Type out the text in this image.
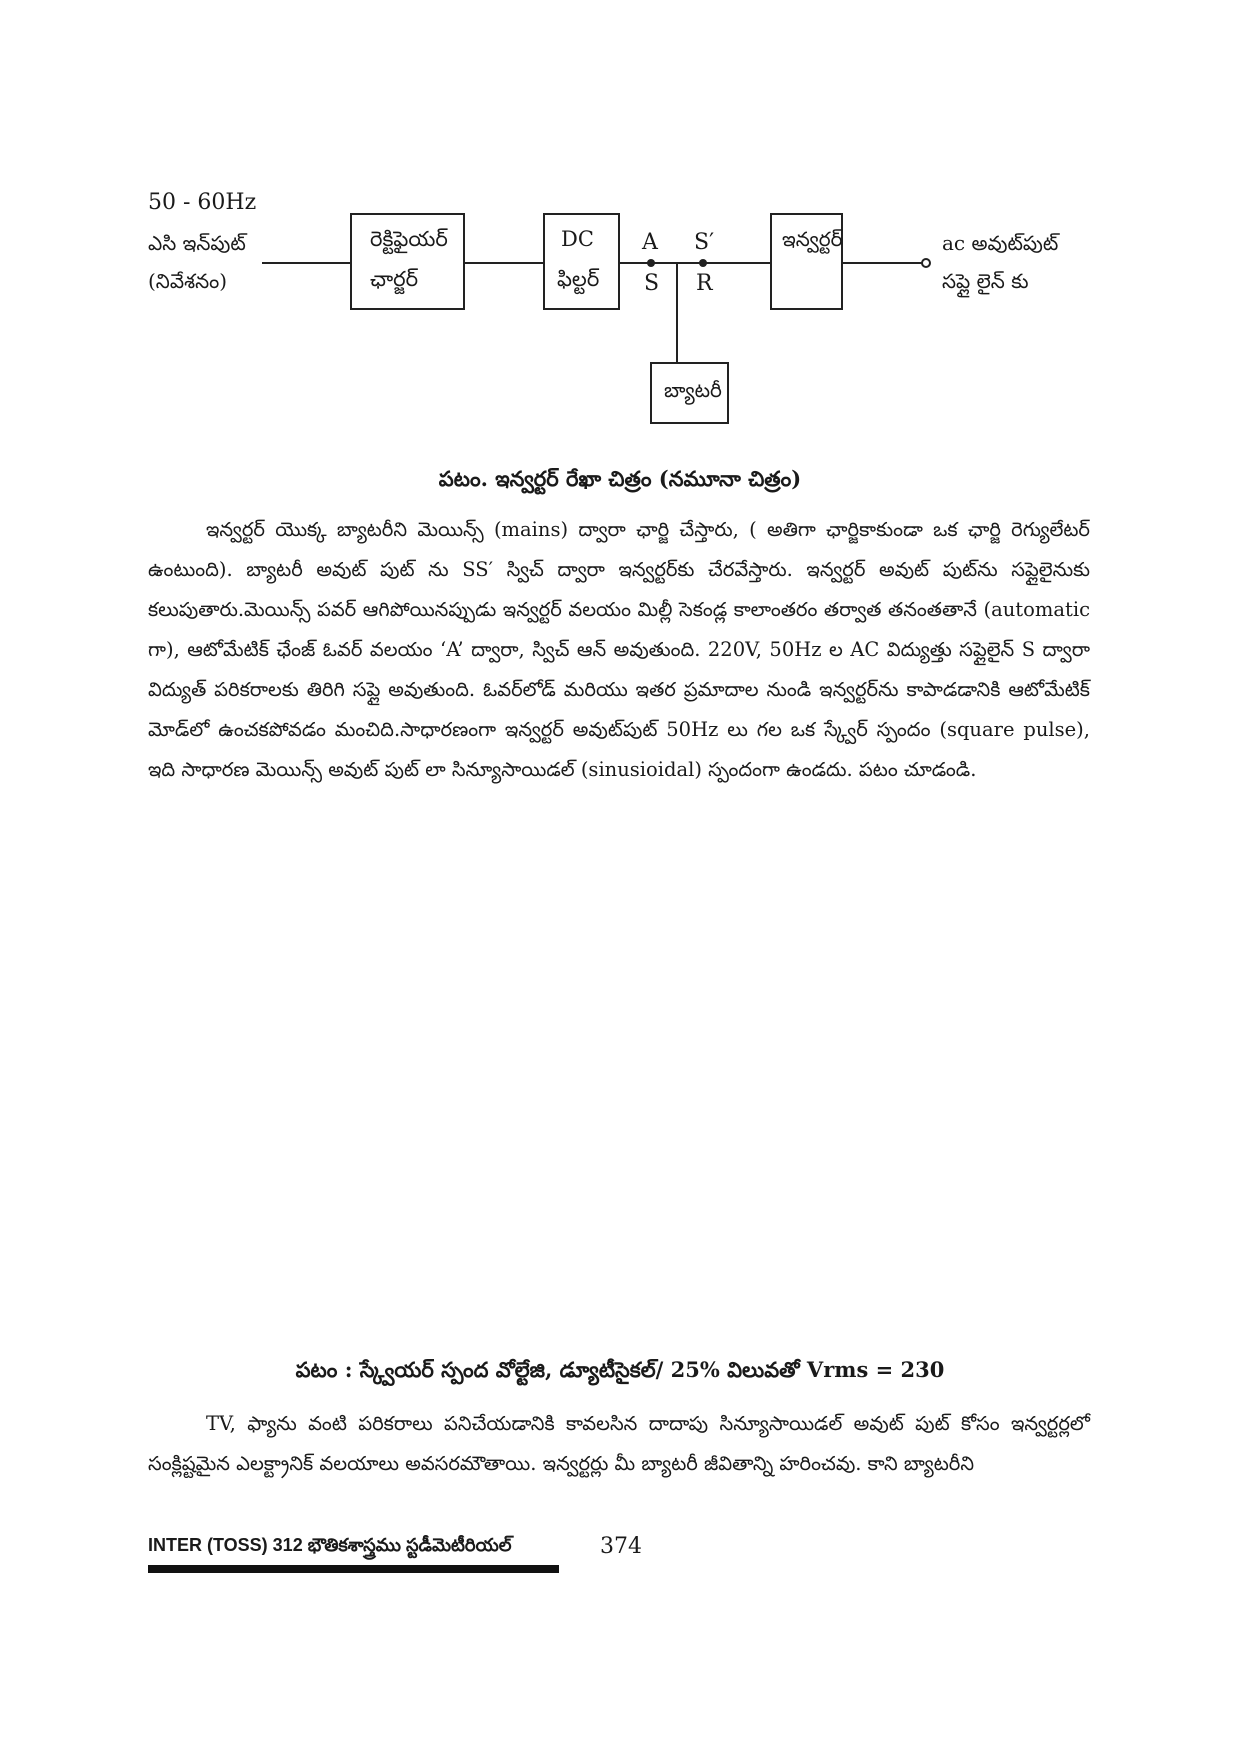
50 - 60Hz
ఎసి ఇన్‌పుట్
(నివేశనం)
రెక్టిఫైయర్
ఛార్జర్
DC
ఫిల్టర్
A
S
S′
R
ఇన్వర్టర్
బ్యాటరీ
ac అవుట్‌పుట్
సప్లై లైన్ కు
పటం. ఇన్వర్టర్ రేఖా చిత్రం (నమూనా చిత్రం)

ఇన్వర్టర్ యొక్క బ్యాటరీని మెయిన్స్ (mains) ద్వారా ఛార్జి చేస్తారు, ( అతిగా ఛార్జికాకుండా ఒక ఛార్జి రెగ్యులేటర్ ఉంటుంది). బ్యాటరీ అవుట్ పుట్ ను SS′ స్విచ్ ద్వారా ఇన్వర్టర్‌కు చేరవేస్తారు. ఇన్వర్టర్ అవుట్ పుట్‌ను సప్లైలైనుకు కలుపుతారు.మెయిన్స్ పవర్ ఆగిపోయినప్పుడు ఇన్వర్టర్ వలయం మిల్లీ సెకండ్ల కాలాంతరం తర్వాత తనంతతానే (automatic గా), ఆటోమేటిక్ ఛేంజ్ ఓవర్ వలయం ‘A’ ద్వారా, స్విచ్ ఆన్ అవుతుంది. 220V, 50Hz ల AC విద్యుత్తు సప్లైలైన్ S ద్వారా విద్యుత్ పరికరాలకు తిరిగి సప్లై అవుతుంది. ఓవర్‌లోడ్ మరియు ఇతర ప్రమాదాల నుండి ఇన్వర్టర్‌ను కాపాడడానికి ఆటోమేటిక్ మోడ్‌లో ఉంచకపోవడం మంచిది.సాధారణంగా ఇన్వర్టర్ అవుట్‌పుట్ 50Hz లు గల ఒక స్క్వేర్ స్పందం (square pulse), ఇది సాధారణ మెయిన్స్ అవుట్ పుట్ లా సిన్యూసాయిడల్ (sinusioidal) స్పందంగా ఉండదు. పటం చూడండి.

పటం : స్క్వేయర్ స్పంద వోల్టేజి, డ్యూటీసైకల్/ 25% విలువతో Vrms = 230

TV, ఫ్యాను వంటి పరికరాలు పనిచేయడానికి కావలసిన దాదాపు సిన్యూసాయిడల్ అవుట్ పుట్ కోసం ఇన్వర్టర్లలో సంక్లిష్టమైన ఎలక్ట్రానిక్ వలయాలు అవసరమౌతాయి. ఇన్వర్టర్లు మీ బ్యాటరీ జీవితాన్ని హరించవు. కాని బ్యాటరీని

INTER (TOSS) 312 భౌతికశాస్త్రము స్టడీమెటీరియల్	374
